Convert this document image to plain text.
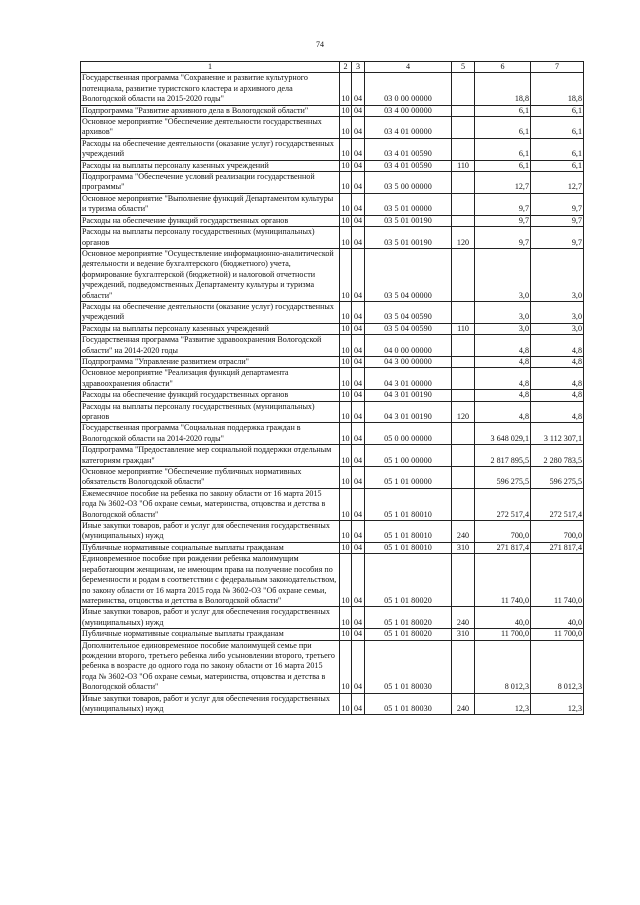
74
1	2	3	4	5	6	7
Государственная программа "Сохранение и развитие культурного потенциала, развитие туристского кластера и архивного дела Вологодской области на 2015-2020 годы"	10	04	03 0 00 00000		18,8	18,8
Подпрограмма "Развитие архивного дела в Вологодской области"	10	04	03 4 00 00000		6,1	6,1
Основное мероприятие "Обеспечение деятельности государственных архивов"	10	04	03 4 01 00000		6,1	6,1
Расходы на обеспечение деятельности (оказание услуг) государственных учреждений	10	04	03 4 01 00590		6,1	6,1
Расходы на выплаты персоналу казенных учреждений	10	04	03 4 01 00590	110	6,1	6,1
Подпрограмма "Обеспечение условий реализации государственной программы"	10	04	03 5 00 00000		12,7	12,7
Основное мероприятие "Выполнение функций Департаментом культуры и туризма области"	10	04	03 5 01 00000		9,7	9,7
Расходы на обеспечение функций государственных органов	10	04	03 5 01 00190		9,7	9,7
Расходы на выплаты персоналу государственных (муниципальных) органов	10	04	03 5 01 00190	120	9,7	9,7
Основное мероприятие "Осуществление информационно-аналитической деятельности и ведение бухгалтерского (бюджетного) учета, формирование бухгалтерской (бюджетной) и налоговой отчетности учреждений, подведомственных Департаменту культуры и туризма области"	10	04	03 5 04 00000		3,0	3,0
Расходы на обеспечение деятельности (оказание услуг) государственных учреждений	10	04	03 5 04 00590		3,0	3,0
Расходы на выплаты персоналу казенных учреждений	10	04	03 5 04 00590	110	3,0	3,0
Государственная программа "Развитие здравоохранения Вологодской области" на 2014-2020 годы	10	04	04 0 00 00000		4,8	4,8
Подпрограмма "Управление развитием отрасли"	10	04	04 3 00 00000		4,8	4,8
Основное мероприятие "Реализация функций департамента здравоохранения области"	10	04	04 3 01 00000		4,8	4,8
Расходы на обеспечение функций государственных органов	10	04	04 3 01 00190		4,8	4,8
Расходы на выплаты персоналу государственных (муниципальных) органов	10	04	04 3 01 00190	120	4,8	4,8
Государственная программа "Социальная поддержка граждан в Вологодской области на 2014-2020 годы"	10	04	05 0 00 00000		3 648 029,1	3 112 307,1
Подпрограмма "Предоставление мер социальной поддержки отдельным категориям граждан"	10	04	05 1 00 00000		2 817 895,5	2 280 783,5
Основное мероприятие "Обеспечение публичных нормативных обязательств Вологодской области"	10	04	05 1 01 00000		596 275,5	596 275,5
Ежемесячное пособие на ребенка по закону области от 16 марта 2015 года № 3602-ОЗ "Об охране семьи, материнства, отцовства и детства в Вологодской области"	10	04	05 1 01 80010		272 517,4	272 517,4
Иные закупки товаров, работ и услуг для обеспечения государственных (муниципальных) нужд	10	04	05 1 01 80010	240	700,0	700,0
Публичные нормативные социальные выплаты гражданам	10	04	05 1 01 80010	310	271 817,4	271 817,4
Единовременное пособие при рождении ребенка малоимущим неработающим женщинам, не имеющим права на получение пособия по беременности и родам в соответствии с федеральным законодательством, по закону области от 16 марта 2015 года № 3602-ОЗ "Об охране семьи, материнства, отцовства и детства в Вологодской области"	10	04	05 1 01 80020		11 740,0	11 740,0
Иные закупки товаров, работ и услуг для обеспечения государственных (муниципальных) нужд	10	04	05 1 01 80020	240	40,0	40,0
Публичные нормативные социальные выплаты гражданам	10	04	05 1 01 80020	310	11 700,0	11 700,0
Дополнительное единовременное пособие малоимущей семье при рождении второго, третьего ребенка либо усыновлении второго, третьего ребенка в возрасте до одного года по закону области от 16 марта 2015 года № 3602-ОЗ "Об охране семьи, материнства, отцовства и детства в Вологодской области"	10	04	05 1 01 80030		8 012,3	8 012,3
Иные закупки товаров, работ и услуг для обеспечения государственных (муниципальных) нужд	10	04	05 1 01 80030	240	12,3	12,3
